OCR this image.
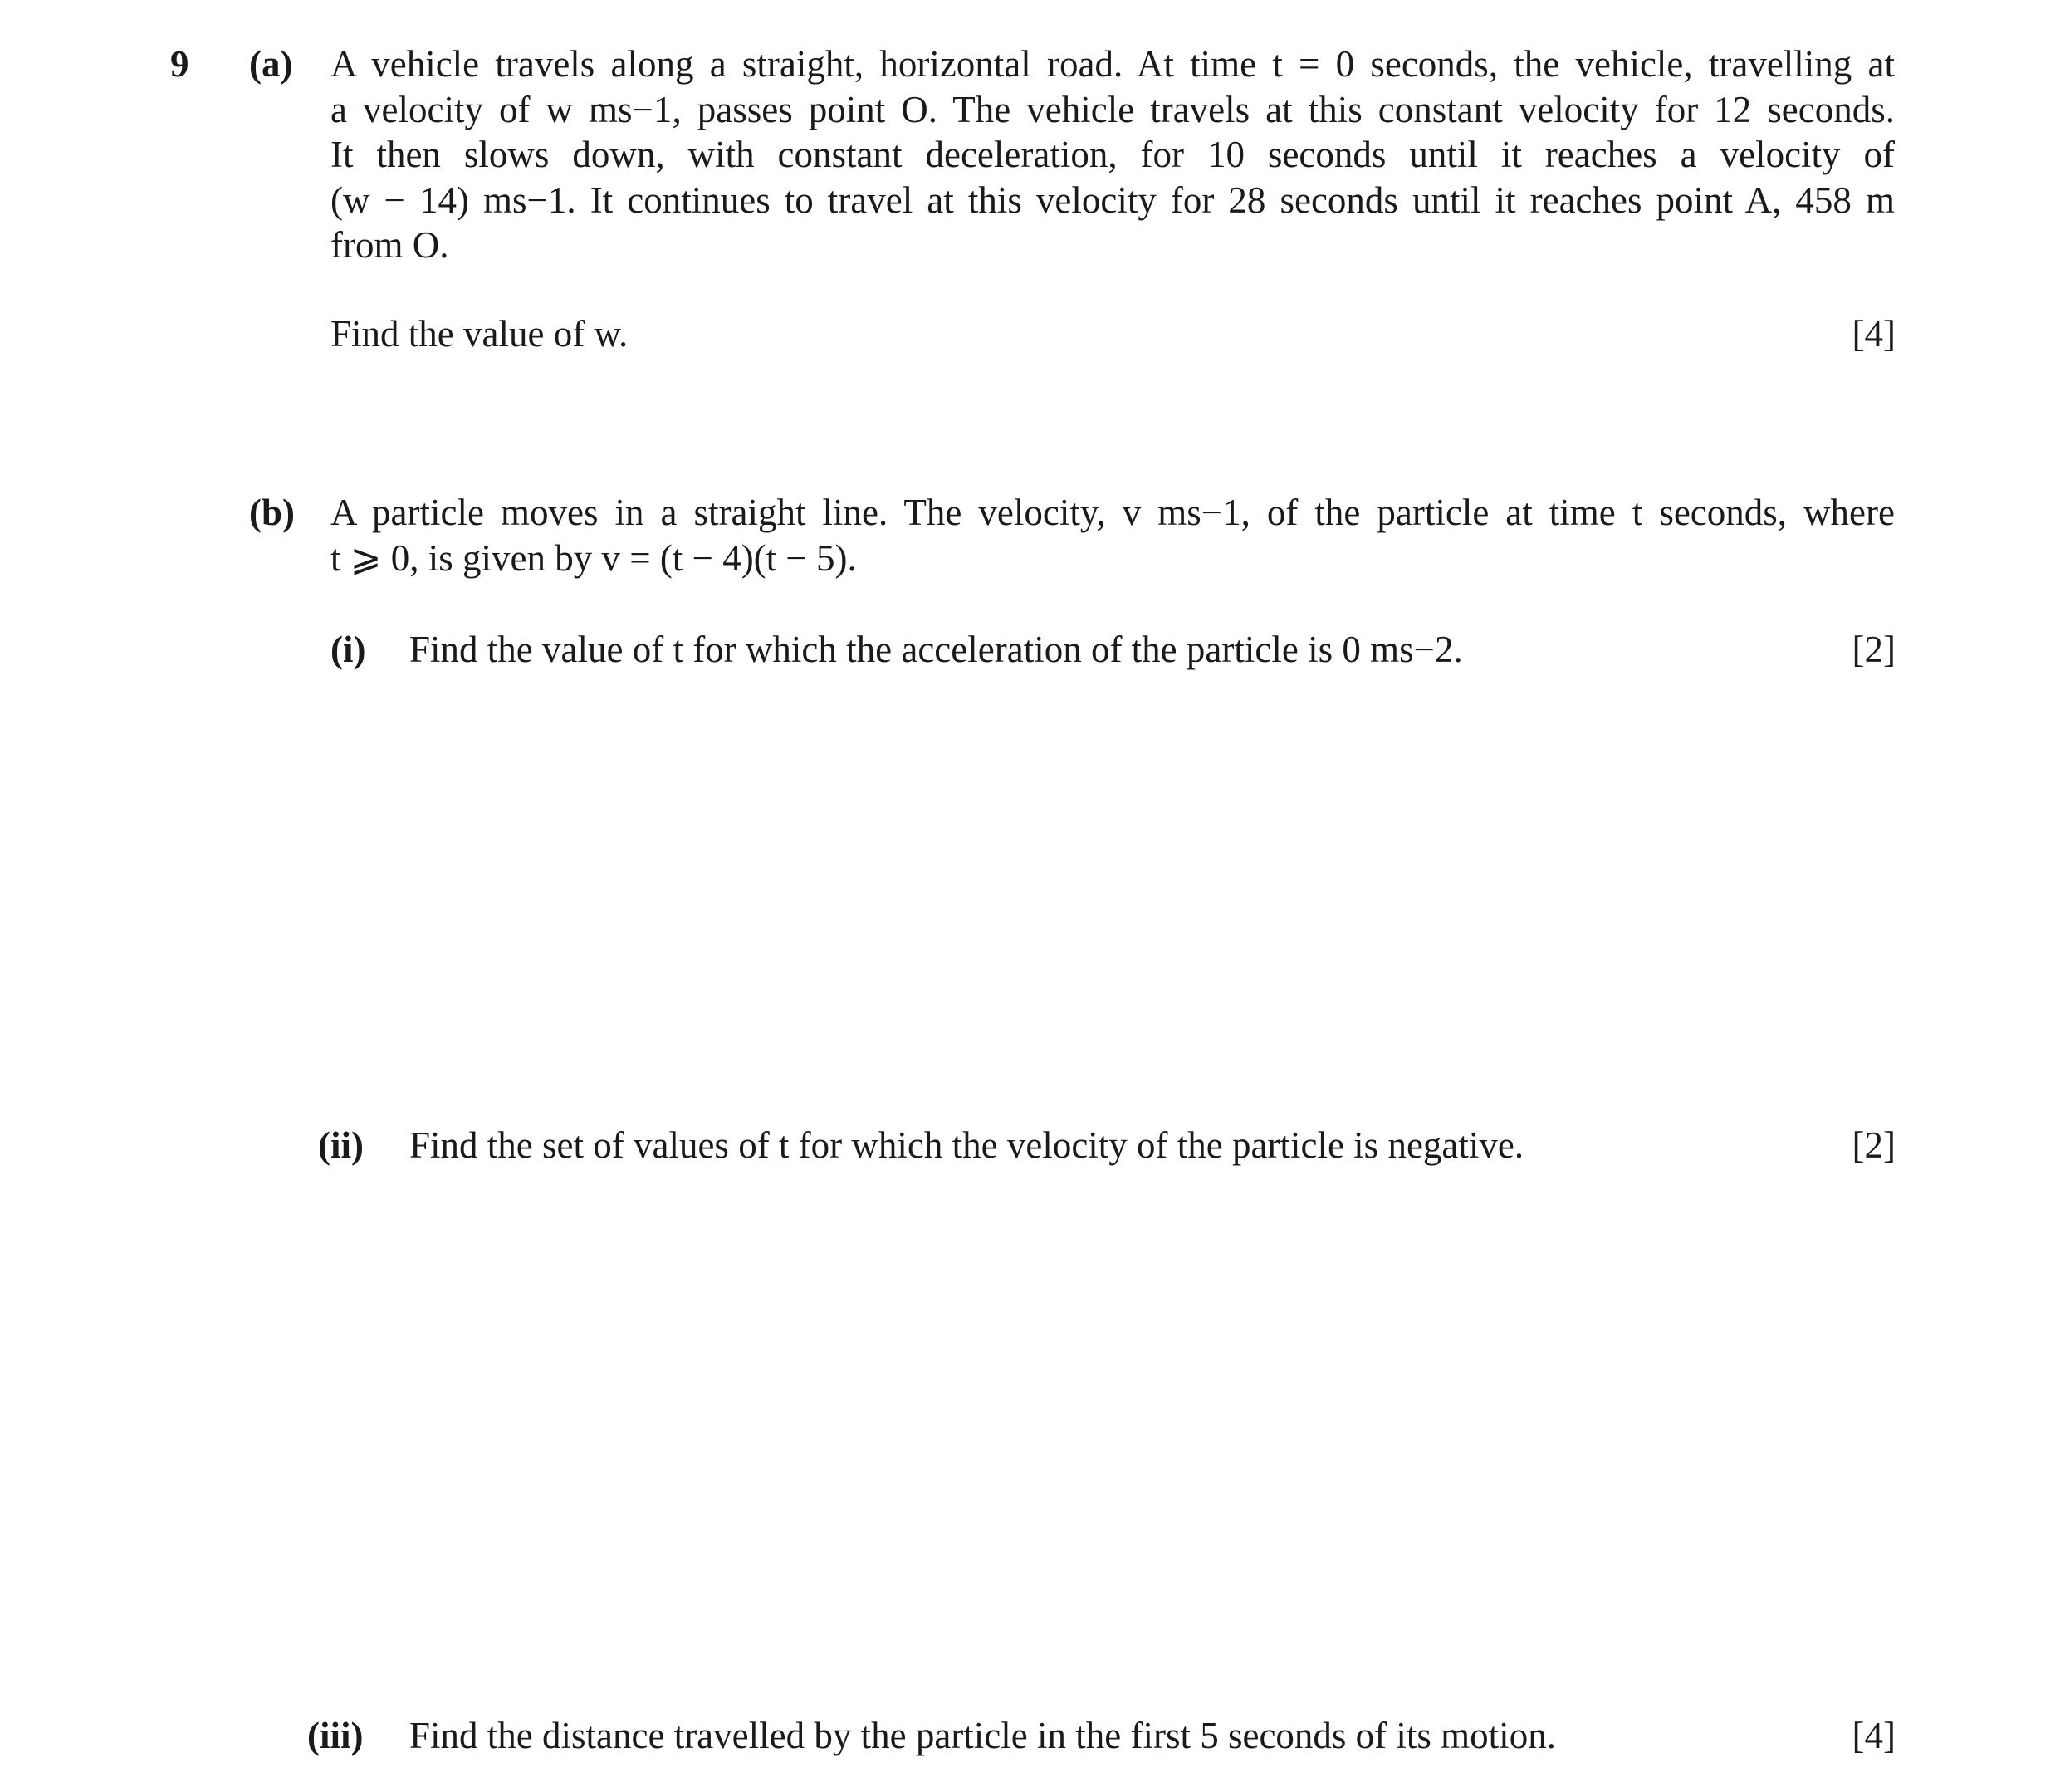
9 (a) A vehicle travels along a straight, horizontal road. At time t = 0 seconds, the vehicle, travelling at
a velocity of w ms−1, passes point O. The vehicle travels at this constant velocity for 12 seconds.
It then slows down, with constant deceleration, for 10 seconds until it reaches a velocity of
(w − 14) ms−1. It continues to travel at this velocity for 28 seconds until it reaches point A, 458 m
from O.
Find the value of w.	[4]
(b) A particle moves in a straight line. The velocity, v ms−1, of the particle at time t seconds, where
t ⩾ 0, is given by v = (t − 4)(t − 5).
(i) Find the value of t for which the acceleration of the particle is 0 ms−2.	[2]
(ii) Find the set of values of t for which the velocity of the particle is negative.	[2]
(iii) Find the distance travelled by the particle in the first 5 seconds of its motion.	[4]
